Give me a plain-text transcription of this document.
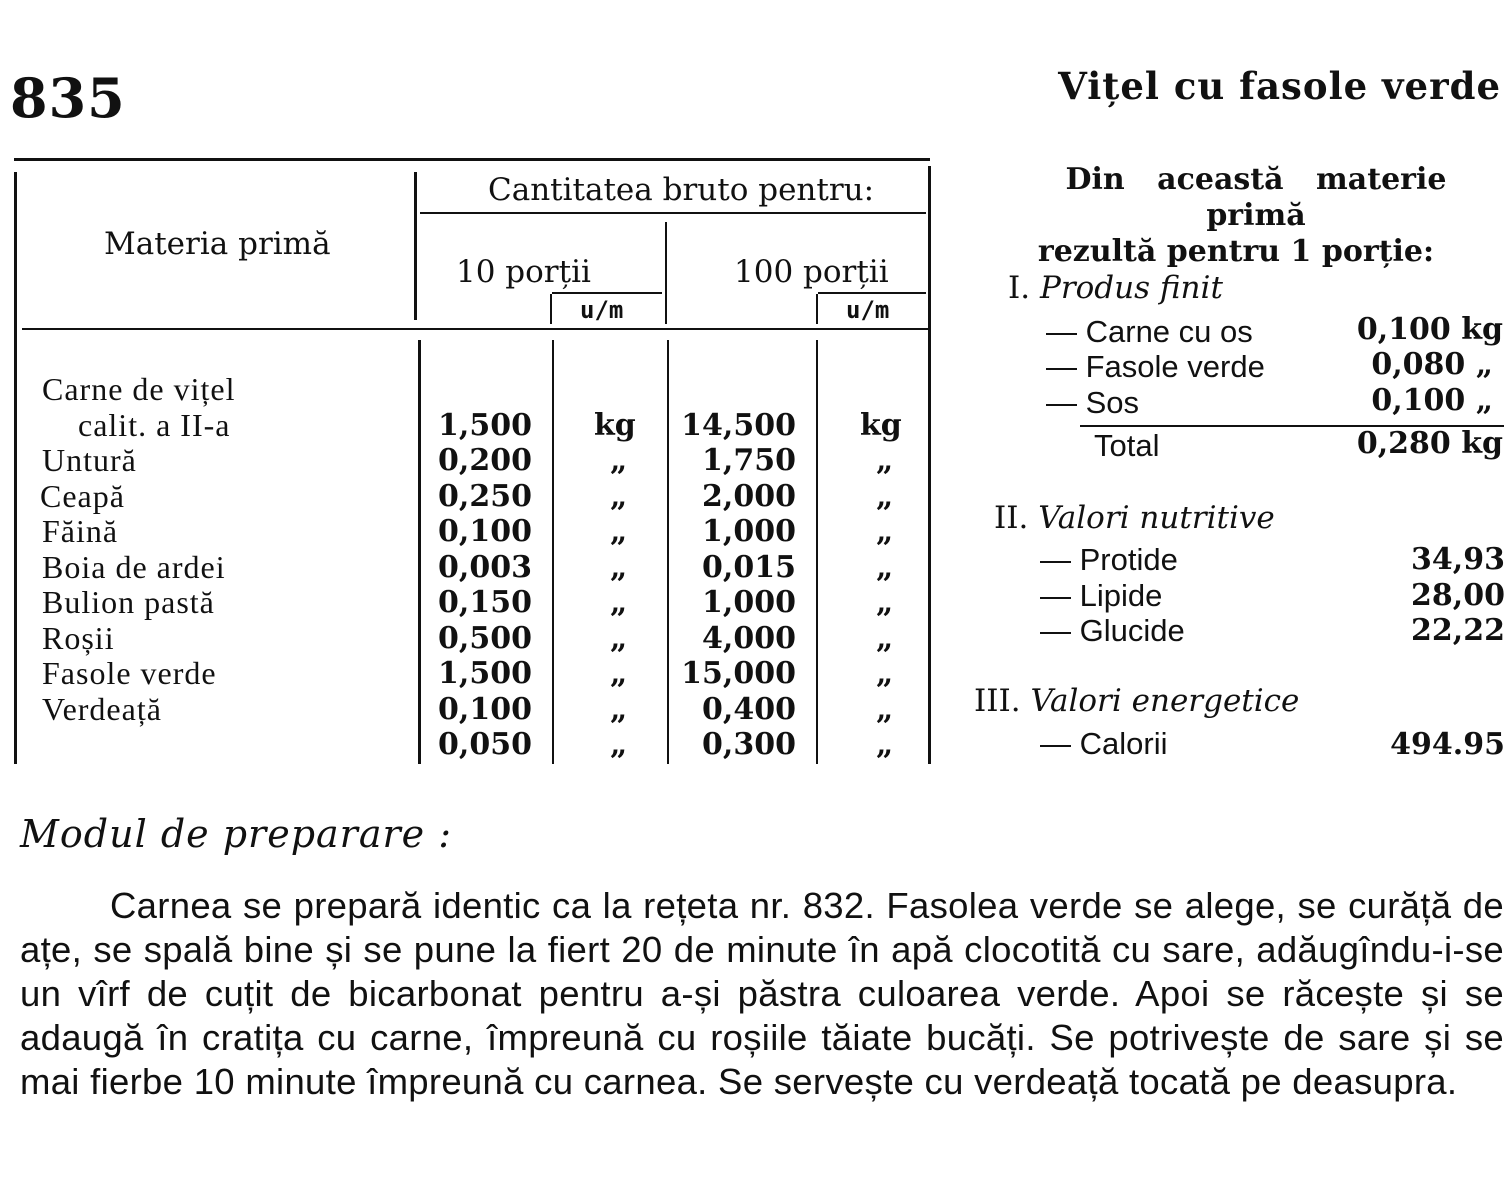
835	Vițel cu fasole verde
Materia primă
Cantitatea bruto pentru:
10 porții	100 porții
u/m	u/m
Carne de vițel
calit. a II-a	1,500 kg 14,500 kg
Untură	0,200	„ 1,750	„
Ceapă	0,250	„ 2,000	„
Făină	0,100	„ 1,000	„
Boia de ardei	0,003	„ 0,015	„
Bulion pastă	0,150	„ 1,000	„
Roșii	0,500	„ 4,000	„
Fasole verde	1,500	„ 15,000	„
Verdeață	0,100	„ 0,400	„
0,050	„ 0,300	„
Din această materie primă
rezultă pentru 1 porție:
I. Produs finit
— Carne cu os	0,100 kg
— Fasole verde	0,080 „
— Sos	0,100 „
Total	0,280 kg
II. Valori nutritive
— Protide	34,93
— Lipide	28,00
— Glucide	22,22
III. Valori energetice
— Calorii	494.95
Modul de preparare :
Carnea se prepară identic ca la rețeta nr. 832. Fasolea verde se alege, se curăță de ațe, se spală bine și se pune la fiert 20 de minute în apă clocotită cu sare, adăugîndu-i-se un vîrf de cuțit de bicarbonat pentru a-și păstra culoarea verde. Apoi se răcește și se adaugă în cratița cu carne, împreună cu roșiile tăiate bucăți. Se potrivește de sare și se mai fierbe 10 minute împreună cu carnea. Se servește cu verdeață tocată pe deasupra.
